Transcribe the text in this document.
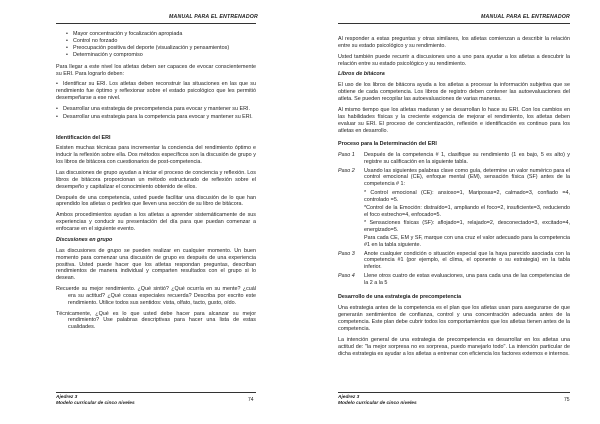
MANUAL PARA EL ENTRENADOR
• Mayor concentración y focalización apropiada
• Control no forzado
• Preocupación positiva del deporte (visualización y pensamientos)
• Determinación y compromiso

Para llegar a este nivel los atletas deben ser capaces de evocar conscientemente su ERI. Para lograrlo deben:

• Identificar su ERI. Los atletas deben reconstruir las situaciones en las que su rendimiento fue óptimo y reflexionar sobre el estado psicológico que les permitió desempeñarse a ese nivel.

• Desarrollar una estrategia de precompetencia para evocar y mantener su ERI.

• Desarrollar una estrategia para la competencia para evocar y mantener su ERI.

Identificación del ERI

Existen muchas técnicas para incrementar la conciencia del rendimiento óptimo e inducir la reflexión sobre ella. Dos métodos específicos son la discusión de grupo y los libros de bitácora con cuestionarios de post-competencia.

Las discusiones de grupo ayudan a iniciar el proceso de conciencia y reflexión. Los libros de bitácora proporcionan un método estructurado de reflexión sobre el desempeño y capitalizar el conocimiento obtenido de ellos.

Después de una competencia, usted puede facilitar una discusión de lo que han aprendido los atletas o pedirles que lleven una sección de su libro de bitácora.

Ambos procedimientos ayudan a los atletas a aprender sistemáticamente de sus experiencias y conducir su presentación del día para que puedan comenzar a enfocarse en el siguiente evento.

Discusiones en grupo

Las discusiones de grupo se pueden realizar en cualquier momento. Un buen momento para comenzar una discusión de grupo es después de una experiencia positiva. Usted puede hacer que los atletas respondan preguntas, describan rendimientos de manera individual y comparten resultados con el grupo si lo desean.

Recuerde su mejor rendimiento. ¿Qué sintió? ¿Qué ocurría en su mente? ¿cuál era su actitud? ¿Qué cosas especiales recuerda? Describa por escrito este rendimiento. Utilice todos sus sentidos: vista, olfato, tacto, gusto, oído.

Técnicamente, ¿Qué es lo que usted debe hacer para alcanzar su mejor rendimiento? Use palabras descriptivas para hacer una lista de estas cualidades.

Ajedrez 3
Modelo curricular de cinco niveles
74
MANUAL PARA EL ENTRENADOR

Al responder a estas preguntas y otras similares, los atletas comienzan a describir la relación entre su estado psicológico y su rendimiento.

Usted también puede recurrir a discusiones uno a uno para ayudar a los atletas a descubrir la relación entre su estado psicológico y su rendimiento.

Libros de bitácora

El uso de los libros de bitácora ayuda a los atletas a procesar la información subjetiva que se obtiene de cada competencia. Los libros de registro deben contener las autoevaluaciones del atleta. Se pueden recopilar las autoevaluaciones de varias maneras.

Al mismo tiempo que los atletas maduran y se desarrollan lo hace su ERI. Con los cambios en las habilidades físicas y la creciente exigencia de mejorar el rendimiento, los atletas deben evaluar su ERI. El proceso de concientización, reflexión e identificación es continuo para los atletas en desarrollo.

Proceso para la Determinación del ERI
Paso 1	Después de la competencia # 1, clasifique su rendimiento (1 es bajo, 5 es alto) y registre su calificación en la siguiente tabla.
Paso 2	Usando las siguientes palabras clave como guía, determine un valor numérico para el control emocional (CE), enfoque mental (EM), sensación física (SF) antes de la competencia # 1:
* Control emocional (CE): ansioso=1, Mariposas=2, calmado=3, confiado =4, controlado =5.
*Control de la Emoción: distraído=1, ampliando el foco=2, insuficiente=3, reduciendo el foco estrecho=4, enfocado=5.
* Sensaciones físicas (SF): aflojado=1, relajado=2, desconectado=3, excitado=4, energizado=5.
Para cada CE, EM y SF, marque con una cruz el valor adecuado para la competencia #1 en la tabla siguiente.
Paso 3	Anote cualquier condición o situación especial que la haya parecido asociada con la competencia #1 (por ejemplo, el clima, el oponente o su estrategia) en la tabla inferior.
Paso 4	Llene otros cuatro de estas evaluaciones, una para cada una de las competencias de la 2 a la 5
Desarrollo de una estrategia de precompetencia

Una estrategia antes de la competencia es el plan que los atletas usan para asegurarse de que generarán sentimientos de confianza, control y una concentración adecuada antes de la competencia. Este plan debe cubrir todos los comportamientos que los atletas tienen antes de la competencia.

La intención general de una estrategia de precompetencia es desarrollar en los atletas una actitud de: "la mejor sorpresa no es sorpresa, puedo manejarlo todo". La intención particular de dicha estrategia es ayudar a los atletas a entrenar con eficiencia los factores externos e internos.

Ajedrez 3
Modelo curricular de cinco niveles
75
